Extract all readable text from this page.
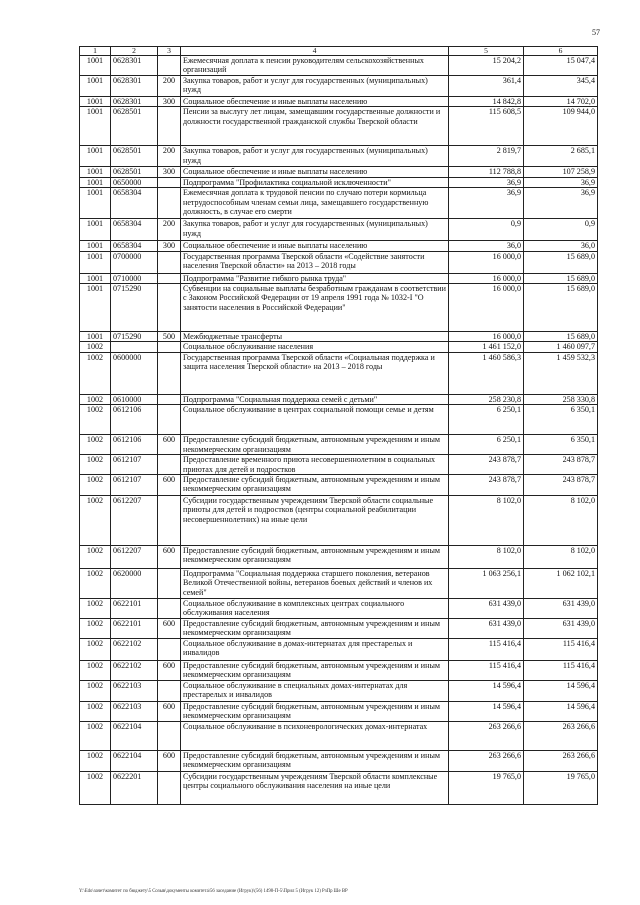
57
1	2	3	4	5	6
1001	0628301		Ежемесячная доплата к пенсии руководителям сельскохозяйственных организаций	15 204,2	15 047,4
1001	0628301	200	Закупка товаров, работ и услуг для государственных (муниципальных) нужд	361,4	345,4
1001	0628301	300	Социальное обеспечение и иные выплаты населению	14 842,8	14 702,0
1001	0628501		Пенсии за выслугу лет лицам, замещавшим государственные должности и должности государственной гражданской службы Тверской области	115 608,5	109 944,0
1001	0628501	200	Закупка товаров, работ и услуг для государственных (муниципальных) нужд	2 819,7	2 685,1
1001	0628501	300	Социальное обеспечение и иные выплаты населению	112 788,8	107 258,9
1001	0650000		Подпрограмма "Профилактика социальной исключенности"	36,9	36,9
1001	0658304		Ежемесячная доплата к трудовой пенсии по случаю потери кормильца нетрудоспособным членам семьи лица, замещавшего государственную должность, в случае его смерти	36,9	36,9
1001	0658304	200	Закупка товаров, работ и услуг для государственных (муниципальных) нужд	0,9	0,9
1001	0658304	300	Социальное обеспечение и иные выплаты населению	36,0	36,0
1001	0700000		Государственная программа Тверской области «Содействие занятости населения Тверской области» на 2013 – 2018 годы	16 000,0	15 689,0
1001	0710000		Подпрограмма "Развитие гибкого рынка труда"	16 000,0	15 689,0
1001	0715290		Субвенции на социальные выплаты безработным гражданам в соответствии с Законом Российской Федерации от 19 апреля 1991 года № 1032-I "О занятости населения в Российской Федерации"	16 000,0	15 689,0
1001	0715290	500	Межбюджетные трансферты	16 000,0	15 689,0
1002			Социальное обслуживание населения	1 461 152,0	1 460 097,7
1002	0600000		Государственная программа Тверской области «Социальная поддержка и защита населения Тверской области» на 2013 – 2018 годы	1 460 586,3	1 459 532,3
1002	0610000		Подпрограмма "Социальная поддержка семей с детьми"	258 230,8	258 330,8
1002	0612106		Социальное обслуживание в центрах социальной помощи семье и детям	6 250,1	6 350,1
1002	0612106	600	Предоставление субсидий бюджетным, автономным учреждениям и иным некоммерческим организациям	6 250,1	6 350,1
1002	0612107		Предоставление временного приюта несовершеннолетним в социальных приютах для детей и подростков	243 878,7	243 878,7
1002	0612107	600	Предоставление субсидий бюджетным, автономным учреждениям и иным некоммерческим организациям	243 878,7	243 878,7
1002	0612207		Субсидии государственным учреждениям Тверской области социальные приюты для детей и подростков (центры социальной реабилитации несовершеннолетних) на иные цели	8 102,0	8 102,0
1002	0612207	600	Предоставление субсидий бюджетным, автономным учреждениям и иным некоммерческим организациям	8 102,0	8 102,0
1002	0620000		Подпрограмма "Социальная поддержка старшего поколения, ветеранов Великой Отечественной войны, ветеранов боевых действий и членов их семей"	1 063 256,1	1 062 102,1
1002	0622101		Социальное обслуживание в комплексных центрах социального обслуживания населения	631 439,0	631 439,0
1002	0622101	600	Предоставление субсидий бюджетным, автономным учреждениям и иным некоммерческим организациям	631 439,0	631 439,0
1002	0622102		Социальное обслуживание в домах-интернатах для престарелых и инвалидов	115 416,4	115 416,4
1002	0622102	600	Предоставление субсидий бюджетным, автономным учреждениям и иным некоммерческим организациям	115 416,4	115 416,4
1002	0622103		Социальное обслуживание в специальных домах-интернатах для престарелых и инвалидов	14 596,4	14 596,4
1002	0622103	600	Предоставление субсидий бюджетным, автономным учреждениям и иным некоммерческим организациям	14 596,4	14 596,4
1002	0622104		Социальное обслуживание в психоневрологических домах-интернатах	263 266,6	263 266,6
1002	0622104	600	Предоставление субсидий бюджетным, автономным учреждениям и иным некоммерческим организациям	263 266,6	263 266,6
1002	0622201		Субсидии государственным учреждениям Тверской области комплексные центры социального обслуживания населения на иные цели	19 765,0	19 765,0
Y:\Edo\зачет\комитет по бюджету\5 Созыв\документы комитета\56 заседание (Игрук)\(56) 1498-П-5\Прил 5 (Игрук 12) РзПр Ше ВР
